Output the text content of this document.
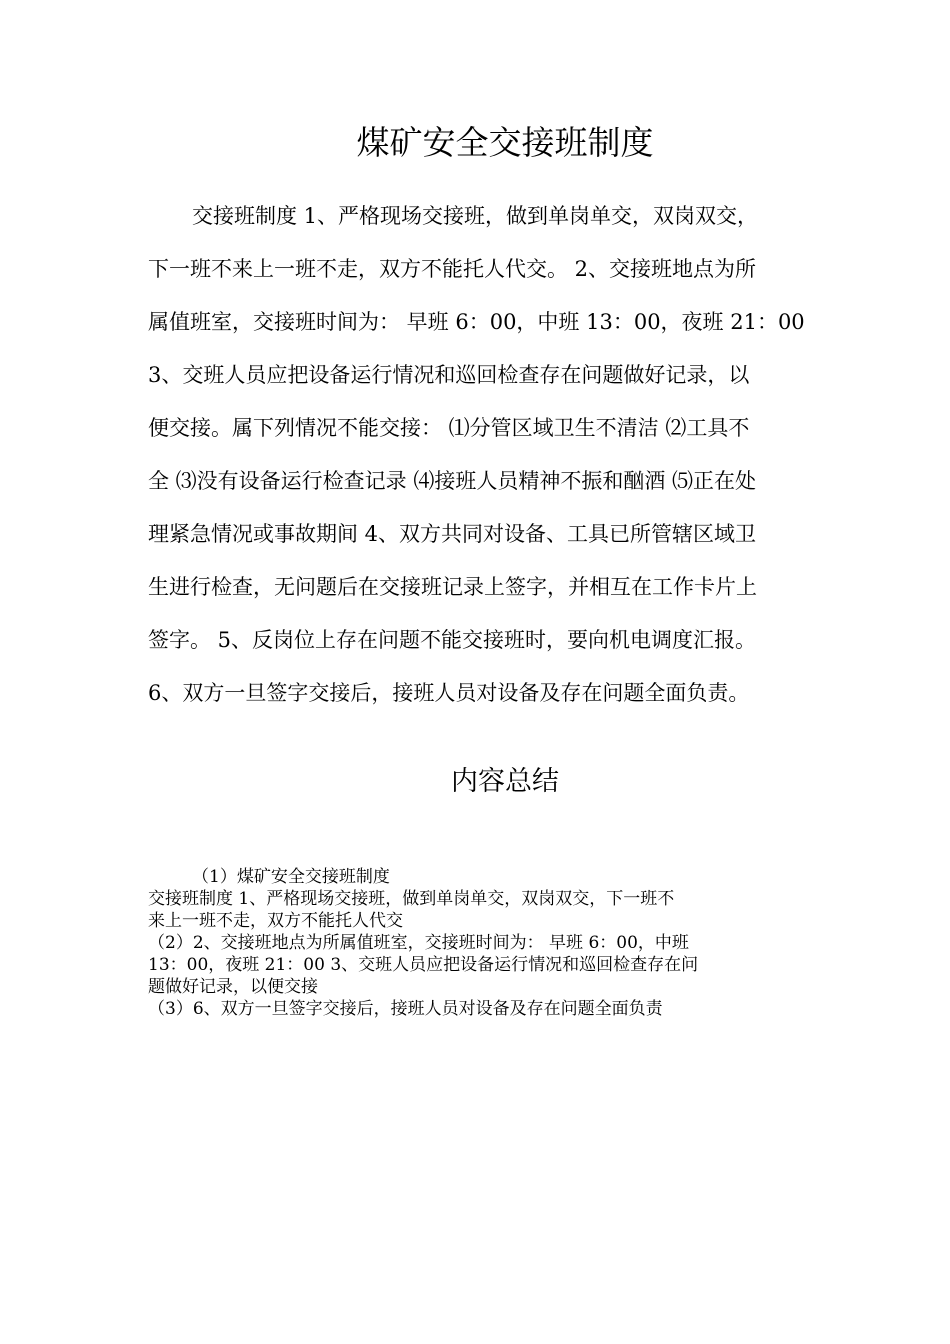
煤矿安全交接班制度
交接班制度 1、严格现场交接班，做到单岗单交，双岗双交，
下一班不来上一班不走，双方不能托人代交。 2、交接班地点为所
属值班室，交接班时间为： 早班 6：00，中班 13：00，夜班 21：00
3、交班人员应把设备运行情况和巡回检查存在问题做好记录，以
便交接。属下列情况不能交接： ⑴分管区域卫生不清洁 ⑵工具不
全 ⑶没有设备运行检查记录 ⑷接班人员精神不振和酗酒 ⑸正在处
理紧急情况或事故期间 4、双方共同对设备、工具已所管辖区域卫
生进行检查，无问题后在交接班记录上签字，并相互在工作卡片上
签字。 5、反岗位上存在问题不能交接班时，要向机电调度汇报。
6、双方一旦签字交接后，接班人员对设备及存在问题全面负责。
内容总结
（1）煤矿安全交接班制度
交接班制度 1、严格现场交接班，做到单岗单交，双岗双交，下一班不
来上一班不走，双方不能托人代交
（2）2、交接班地点为所属值班室，交接班时间为： 早班 6：00，中班
13：00，夜班 21：00 3、交班人员应把设备运行情况和巡回检查存在问
题做好记录，以便交接
（3）6、双方一旦签字交接后，接班人员对设备及存在问题全面负责
